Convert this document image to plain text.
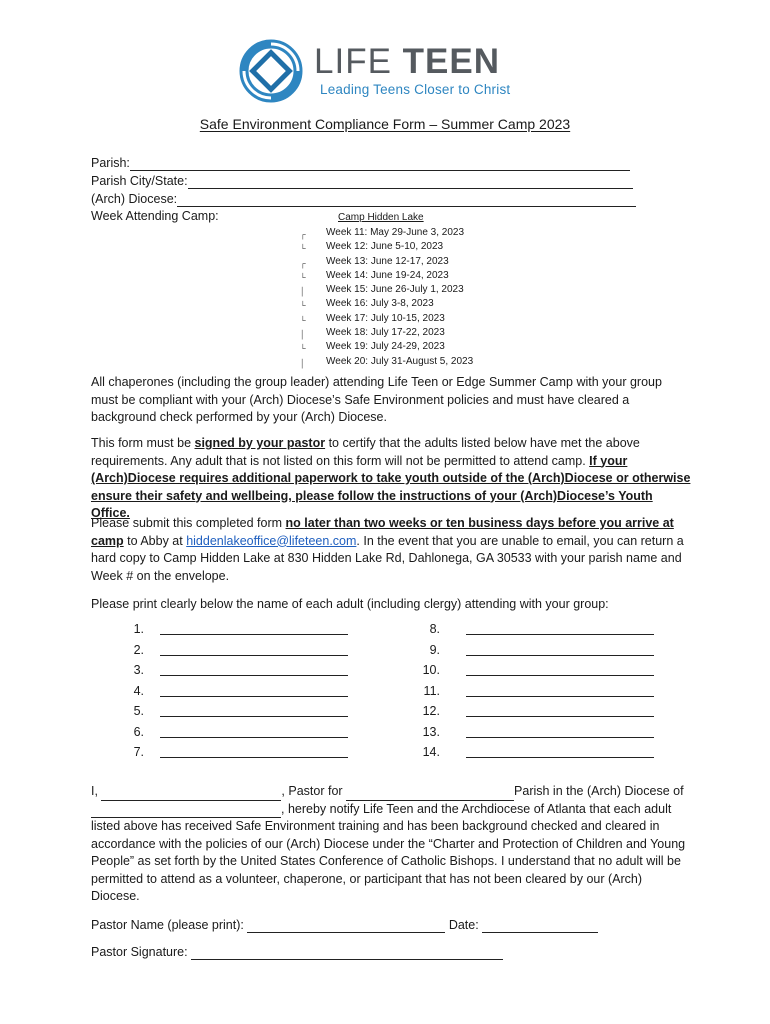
LIFE TEEN
Leading Teens Closer to Christ
Safe Environment Compliance Form – Summer Camp 2023
Parish:
Parish City/State:
(Arch) Diocese:
Week Attending Camp:	Camp Hidden Lake
┌ Week 11: May 29-June 3, 2023
└ Week 12: June 5-10, 2023
┌ Week 13: June 12-17, 2023
└ Week 14: June 19-24, 2023
│ Week 15: June 26-July 1, 2023
└ Week 16: July 3-8, 2023
└ Week 17: July 10-15, 2023
│ Week 18: July 17-22, 2023
└ Week 19: July 24-29, 2023
│ Week 20: July 31-August 5, 2023
All chaperones (including the group leader) attending Life Teen or Edge Summer Camp with your group must be compliant with your (Arch) Diocese’s Safe Environment policies and must have cleared a background check performed by your (Arch) Diocese.
This form must be signed by your pastor to certify that the adults listed below have met the above requirements. Any adult that is not listed on this form will not be permitted to attend camp. If your (Arch)Diocese requires additional paperwork to take youth outside of the (Arch)Diocese or otherwise ensure their safety and wellbeing, please follow the instructions of your (Arch)Diocese’s Youth Office.
Please submit this completed form no later than two weeks or ten business days before you arrive at camp to Abby at hiddenlakeoffice@lifeteen.com. In the event that you are unable to email, you can return a hard copy to Camp Hidden Lake at 830 Hidden Lake Rd, Dahlonega, GA 30533 with your parish name and Week # on the envelope.
Please print clearly below the name of each adult (including clergy) attending with your group:
1.
2.
3.
4.
5.
6.
7.
8.
9.
10.
11.
12.
13.
14.
I,	, Pastor for	Parish in the (Arch) Diocese of
, hereby notify Life Teen and the Archdiocese of Atlanta that each adult listed above has received Safe Environment training and has been background checked and cleared in accordance with the policies of our (Arch) Diocese under the “Charter and Protection of Children and Young People” as set forth by the United States Conference of Catholic Bishops. I understand that no adult will be permitted to attend as a volunteer, chaperone, or participant that has not been cleared by our (Arch) Diocese.
Pastor Name (please print):	Date:
Pastor Signature:
